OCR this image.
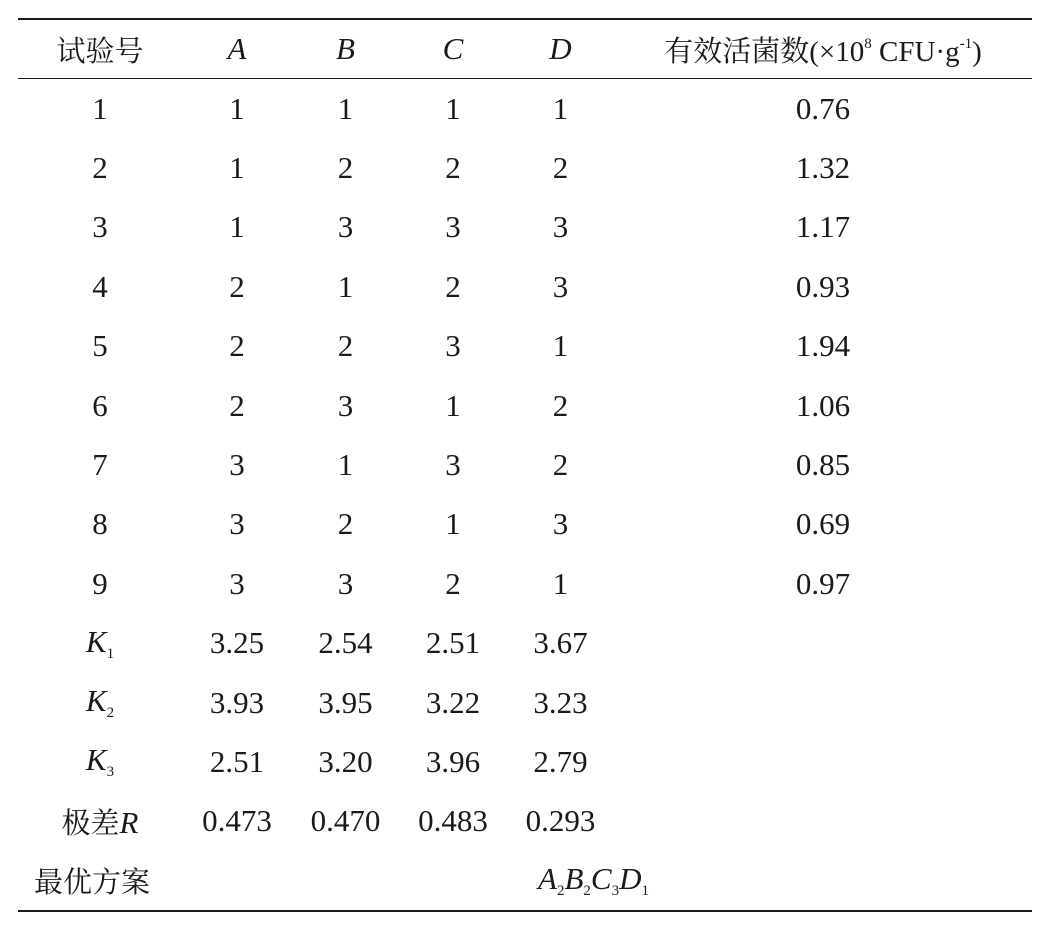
试验号	A	B	C	D	有效活菌数($\times 10^8$ $CFU\cdot g^{-1}$)
1	1	1	1	1	0.76
2	1	2	2	2	1.32
3	1	3	3	3	1.17
4	2	1	2	3	0.93
5	2	2	3	1	1.94
6	2	3	1	2	1.06
7	3	1	3	2	0.85
8	3	2	1	3	0.69
9	3	3	2	1	0.97
$K_1$	3.25	2.54	2.51	3.67	
$K_2$	3.93	3.95	3.22	3.23	
$K_3$	2.51	3.20	3.96	2.79	
极差R	0.473	0.470	0.483	0.293	
最优方案	$A_2B_2C_3D_1$
